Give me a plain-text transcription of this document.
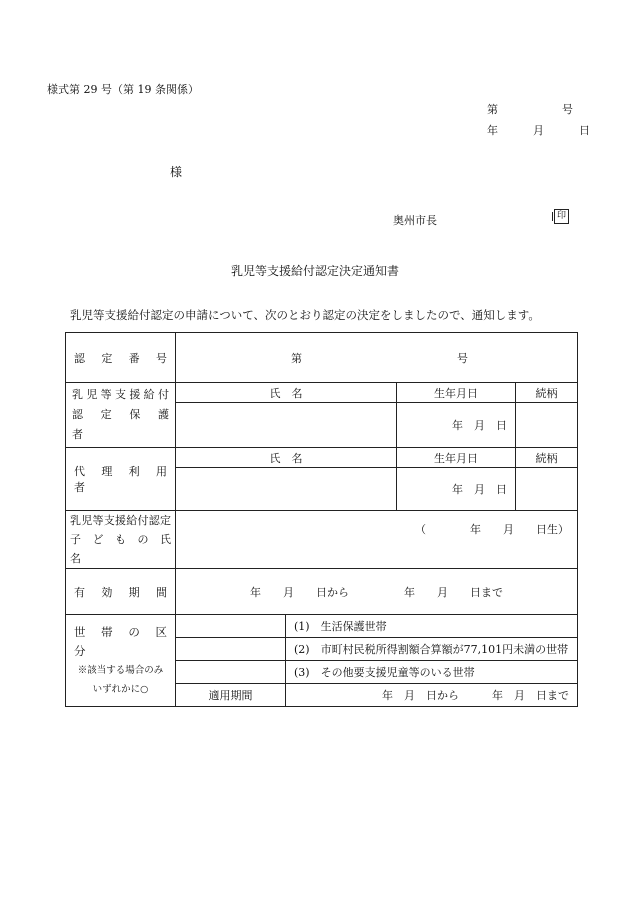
様式第 29 号（第 19 条関係）
第	号
年	月	日
様
奥州市長	印
乳児等支援給付認定決定通知書
乳児等支援給付認定の申請について、次のとおり認定の決定をしましたので、通知します。
認　定　番　号	第 号			

乳児等支援給付
認　定　保　護　者	氏　名		生年月日	続柄
			年　月　日	
代　理　利　用　者	氏　名		生年月日	続柄
			年　月　日	

乳児等支援給付認定
子　ど　も　の　氏　名	（　　　　年　　月　　日生）			

有　効　期　間	年　　月　　日から　　　　　年　　月　　日まで			

世　帯　の　区　分
※該当する場合のみ
いずれかに○		(1)　生活保護世帯		
		(2)　市町村民税所得割額合算額が77,101円未満の世帯		
		(3)　その他要支援児童等のいる世帯		
	適用期間	年　月　日から　　　年　月　日まで		
